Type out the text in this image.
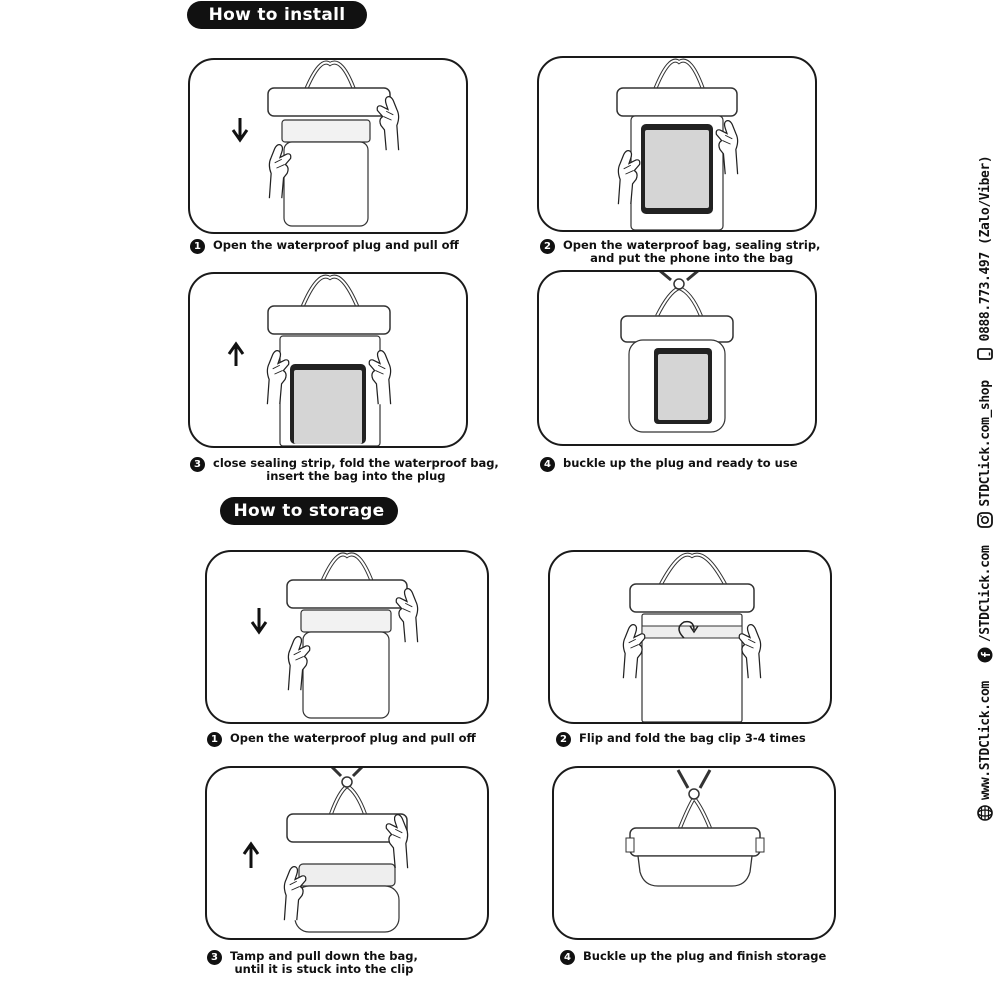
How to install
1	Open the waterproof plug and pull off	2	Open the waterproof bag, sealing strip,
and put the phone into the bag
3	close sealing strip, fold the waterproof bag,
insert the bag into the plug
4	buckle up the plug and ready to use
How to storage
1	Open the waterproof plug and pull off	2	Flip and fold the bag clip 3-4 times
3	Tamp and pull down the bag,
until it is stuck into the clip
4	Buckle up the plug and finish storage
www.STDClick.com
/STDClick.com
STDClick.com_shop
0888.773.497 (Zalo/Viber)
